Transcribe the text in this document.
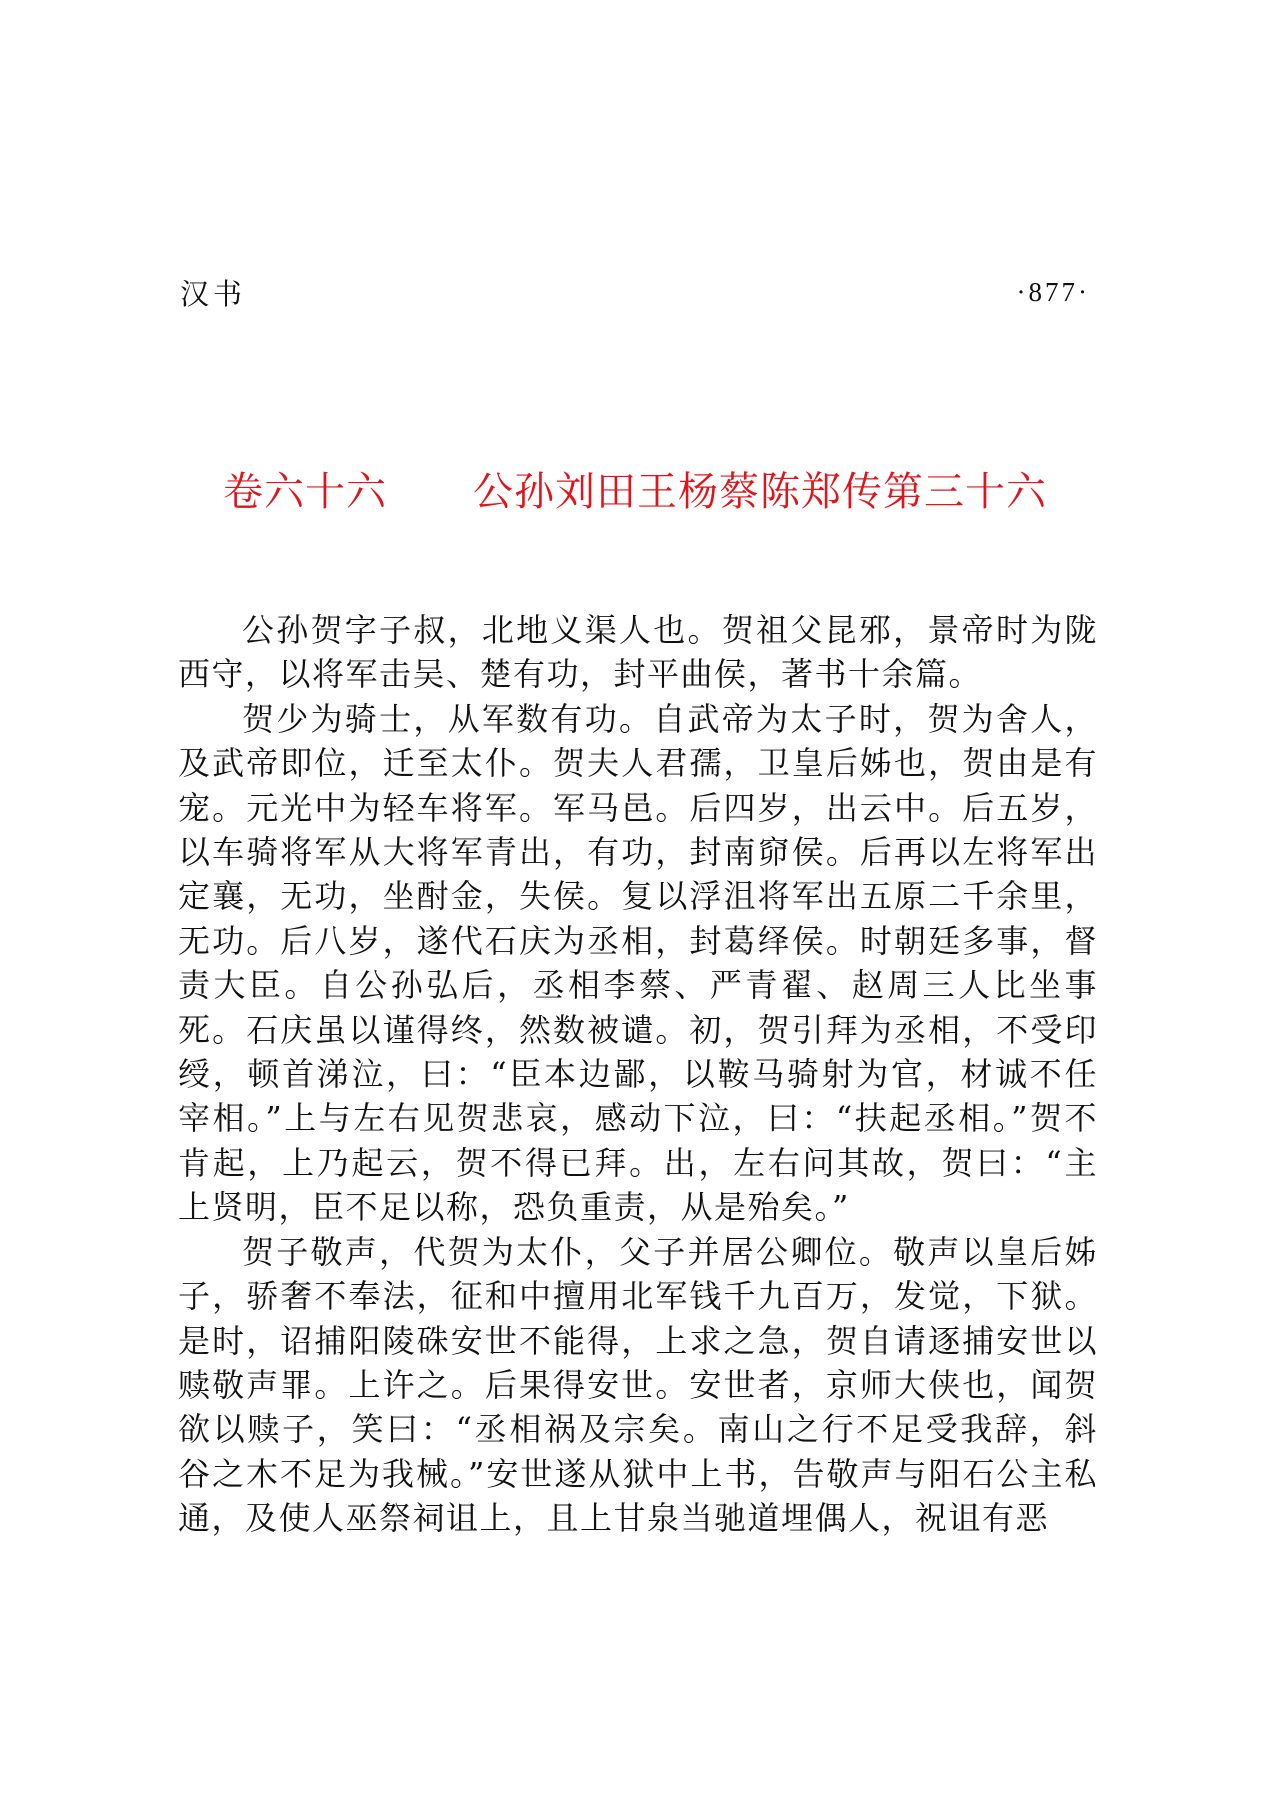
汉书	·877·
卷六十六 公孙刘田王杨蔡陈郑传第三十六

公孙贺字子叔，北地义渠人也。贺祖父昆邪，景帝时为陇西守，以将军击吴、楚有功，封平曲侯，著书十余篇。

贺少为骑士，从军数有功。自武帝为太子时，贺为舍人，及武帝即位，迁至太仆。贺夫人君孺，卫皇后姊也，贺由是有宠。元光中为轻车将军。军马邑。后四岁，出云中。后五岁，以车骑将军从大将军青出，有功，封南窌侯。后再以左将军出定襄，无功，坐酎金，失侯。复以浮沮将军出五原二千余里，无功。后八岁，遂代石庆为丞相，封葛绎侯。时朝廷多事，督责大臣。自公孙弘后，丞相李蔡、严青翟、赵周三人比坐事死。石庆虽以谨得终，然数被谴。初，贺引拜为丞相，不受印绶，顿首涕泣，曰：“臣本边鄙，以鞍马骑射为官，材诚不任宰相。”上与左右见贺悲哀，感动下泣，曰：“扶起丞相。”贺不肯起，上乃起云，贺不得已拜。出，左右问其故，贺曰：“主上贤明，臣不足以称，恐负重责，从是殆矣。”

贺子敬声，代贺为太仆，父子并居公卿位。敬声以皇后姊子，骄奢不奉法，征和中擅用北军钱千九百万，发觉，下狱。是时，诏捕阳陵硃安世不能得，上求之急，贺自请逐捕安世以赎敬声罪。上许之。后果得安世。安世者，京师大侠也，闻贺欲以赎子，笑曰：“丞相祸及宗矣。南山之行不足受我辞，斜谷之木不足为我械。”安世遂从狱中上书，告敬声与阳石公主私通，及使人巫祭祠诅上，且上甘泉当驰道埋偶人，祝诅有恶
